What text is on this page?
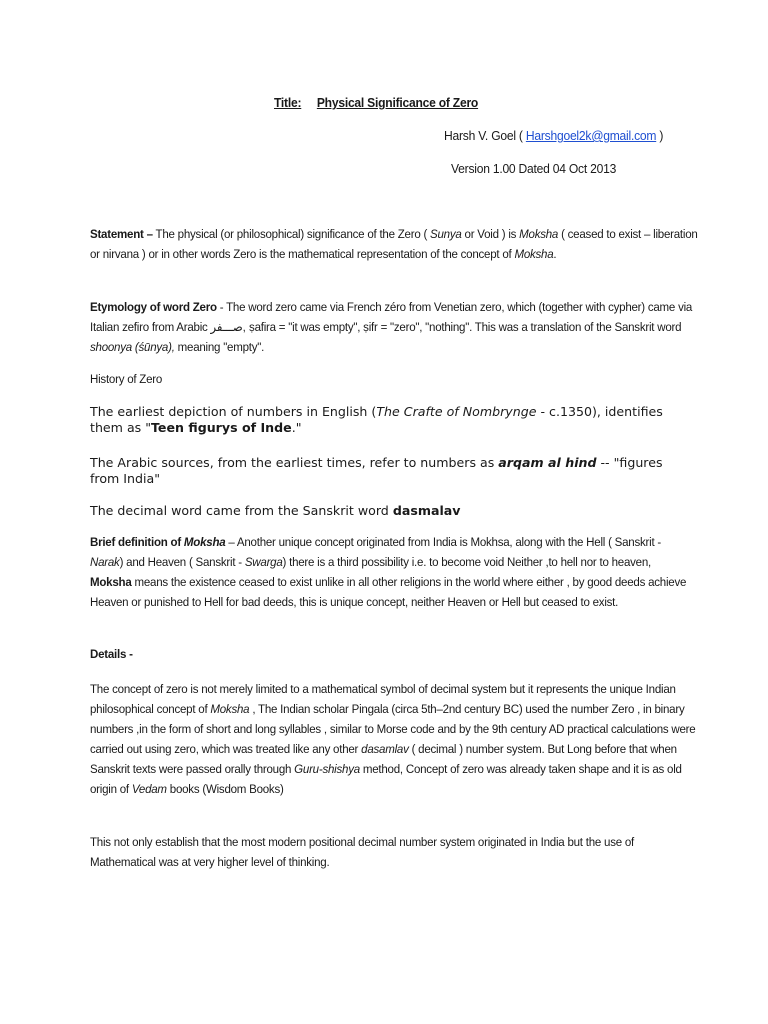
Title: Physical Significance of Zero
Harsh V. Goel ( Harshgoel2k@gmail.com )
Version 1.00 Dated 04 Oct 2013
Statement – The physical (or philosophical) significance of the Zero ( Sunya or Void ) is Moksha ( ceased to exist – liberation or nirvana ) or in other words Zero is the mathematical representation of the concept of Moksha.
Etymology of word Zero - The word zero came via French zéro from Venetian zero, which (together with cypher) came via Italian zefiro from Arabic صـــفر, ṣafira = "it was empty", ṣifr = "zero", "nothing". This was a translation of the Sanskrit word shoonya (śūnya), meaning "empty".
History of Zero
The earliest depiction of numbers in English (The Crafte of Nombrynge - c.1350), identifies them as "Teen figurys of Inde."
The Arabic sources, from the earliest times, refer to numbers as arqam al hind -- "figures from India"
The decimal word came from the Sanskrit word dasmalav
Brief definition of Moksha – Another unique concept originated from India is Mokhsa, along with the Hell ( Sanskrit - Narak) and Heaven ( Sanskrit - Swarga) there is a third possibility i.e. to become void Neither ,to hell nor to heaven, Moksha means the existence ceased to exist unlike in all other religions in the world where either , by good deeds achieve Heaven or punished to Hell for bad deeds, this is unique concept, neither Heaven or Hell but ceased to exist.
Details -
The concept of zero is not merely limited to a mathematical symbol of decimal system but it represents the unique Indian philosophical concept of Moksha , The Indian scholar Pingala (circa 5th–2nd century BC) used the number Zero , in binary numbers ,in the form of short and long syllables , similar to Morse code and by the 9th century AD practical calculations were carried out using zero, which was treated like any other dasamlav ( decimal ) number system. But Long before that when Sanskrit texts were passed orally through Guru-shishya method, Concept of zero was already taken shape and it is as old origin of Vedam books (Wisdom Books)
This not only establish that the most modern positional decimal number system originated in India but the use of Mathematical was at very higher level of thinking.
